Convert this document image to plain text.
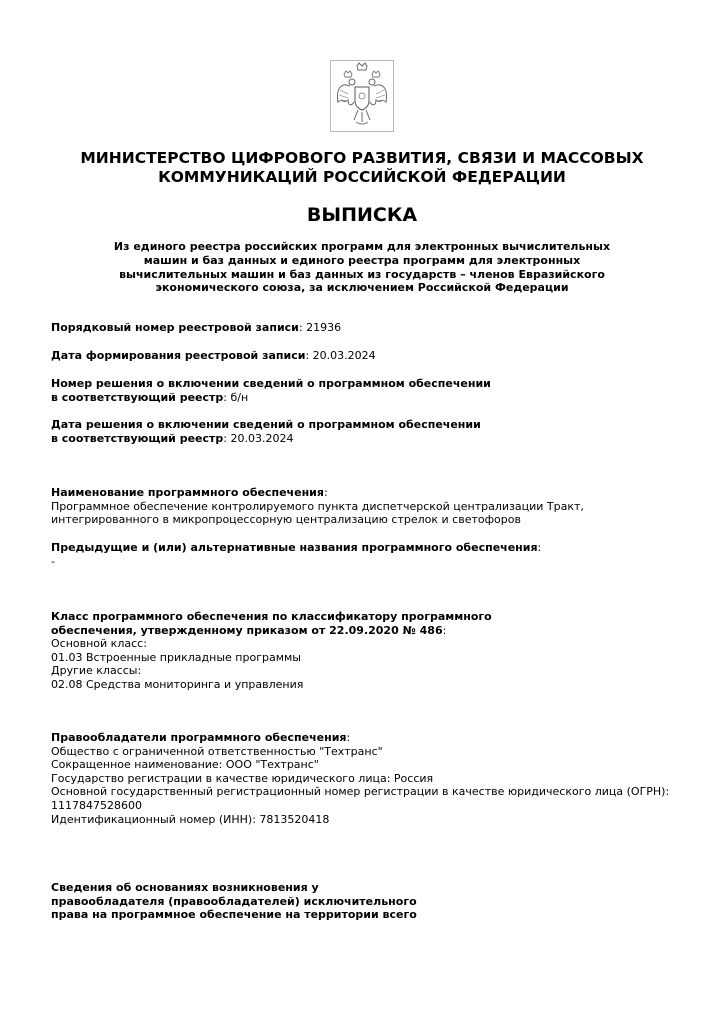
МИНИСТЕРСТВО ЦИФРОВОГО РАЗВИТИЯ, СВЯЗИ И МАССОВЫХ
КОММУНИКАЦИЙ РОССИЙСКОЙ ФЕДЕРАЦИИ
ВЫПИСКА
Из единого реестра российских программ для электронных вычислительных
машин и баз данных и единого реестра программ для электронных
вычислительных машин и баз данных из государств – членов Евразийского
экономического союза, за исключением Российской Федерации
Порядковый номер реестровой записи: 21936
Дата формирования реестровой записи: 20.03.2024
Номер решения о включении сведений о программном обеспечении
в соответствующий реестр: б/н
Дата решения о включении сведений о программном обеспечении
в соответствующий реестр: 20.03.2024
Наименование программного обеспечения:
Программное обеспечение контролируемого пункта диспетчерской централизации Тракт,
интегрированного в микропроцессорную централизацию стрелок и светофоров
Предыдущие и (или) альтернативные названия программного обеспечения:
-
Класс программного обеспечения по классификатору программного
обеспечения, утвержденному приказом от 22.09.2020 № 486:
Основной класс:
01.03 Встроенные прикладные программы
Другие классы:
02.08 Средства мониторинга и управления
Правообладатели программного обеспечения:
Общество с ограниченной ответственностью "Техтранс"
Сокращенное наименование: ООО "Техтранс"
Государство регистрации в качестве юридического лица: Россия
Основной государственный регистрационный номер регистрации в качестве юридического лица (ОГРН):
1117847528600
Идентификационный номер (ИНН): 7813520418
Сведения об основаниях возникновения у
правообладателя (правообладателей) исключительного
права на программное обеспечение на территории всего
